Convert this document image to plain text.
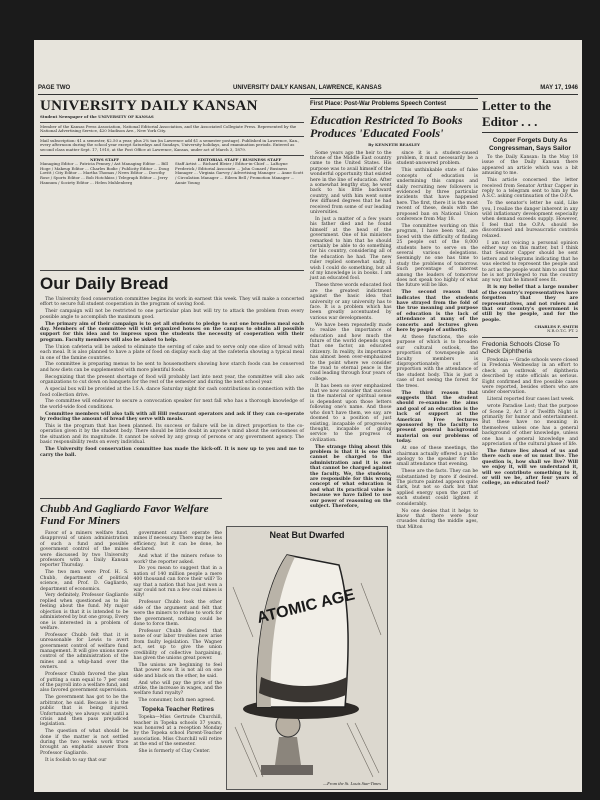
PAGE TWO	UNIVERSITY DAILY KANSAN, LAWRENCE, KANSAS	MAY 17, 1946
UNIVERSITY DAILY KANSAN
Student Newspaper of the UNIVERSITY OF KANSAS
Member of the Kansas Press Association, National Editorial Association, and the Associated Collegiate Press. Represented by the National Advertising Service, 420 Madison Ave., New York City.
Mail subscription: $1 a semester, $2.50 a year, plus 2% tax (in Lawrence add $1 a semester postage). Published in Lawrence, Kan., every afternoon during the school year except Saturdays and Sundays, University holidays, and examination periods. Entered as second class matter Sept. 17, 1910, at the Post Office at Lawrence, Kansas, under act of March 3, 1879.
NEWS STAFF
Managing Editor ... Patricia Penney / Ast Managing Editor ... Bill Hoge / Makeup Editor ... Charles Bodie / Publicity Editor ... Doug Lovitt / City Editor ... Martha Thomas / News Editor ... Dorothy Rose / Sports Editor ... Bob Hotchkiss / Telegraph Editor ... Jerry Hannum / Society Editor ... Helen Muhlenberg
EDITORIAL STAFF / BUSINESS STAFF
Staff Artist ... Richard Bleier / Editor-in-Chief ... LaRoyne Frederick / Editorial Associate ... John Conard / Business Manager ... Virginia Garvey / Advertising Manager ... Anne Scott / Circulation Manager ... Eileen Bell / Promotion Manager ... Annie Young
Our Daily Bread

The University food conservation committee begins its work in earnest this week. They will make a concerted effort to secure full student cooperation in the program of saving food.

Their campaign will not be restricted to one particular plan but will try to attack the problem from every possible angle to accomplish the maximum good.

The primary aim of their campaign is to get all students to pledge to eat one breadless meal each day. Members of the committee will visit organized houses on the campus to obtain all possible support for this idea and to impress upon the students the necessity of cooperation with their program. Faculty members will also be asked to help.

The Union cafeteria will be asked to eliminate the serving of cake and to serve only one slice of bread with each meal. It is also planned to have a plate of food on display each day at the cafeteria showing a typical meal in one of the famine countries.

The committee is preparing menus to be sent to housemothers showing how starch foods can be conserved and how diets can be supplemented with more plentiful foods.

Recognizing that the present shortage of food will probably last into next year, the committee will also ask organizations to cut down on banquets for the rest of the semester and during the next school year.

A special box will be provided at the I.S.A. dance Saturday night for cash contributions in connection with the food collection drive.

The committee will endeavor to secure a convocation speaker for next fall who has a thorough knowledge of the world-wide food conditions.

Committee members will also talk with all Hill restaurant operators and ask if they can co-operate by reducing the amount of bread they serve with meals.

This is the program that has been planned. Its success or failure will be in direct proportion to the co-operation given it by the student body. There should be little doubt in anyone's mind about the seriousness of the situation and its magnitude. It cannot be solved by any group of persons or any government agency. The basic responsibility rests on every individual.

The University food conservation committee has made the kick-off. It is now up to you and me to carry the ball.

Chubb And Gagliardo Favor Welfare Fund For Miners

Favor of a miners welfare fund, disapproval of union administration of such a fund and possible government control of the mines were discussed by two University professors with a Daily Kansan reporter Thursday.

The two men were Prof. H. S. Chubb, department of political science, and Prof. D. Gagliardo, department of economics.

Very definitely, Professor Gagliardo replied when questioned as to his feeling about the fund. My major objection is that it is intended to be administered by but one group, Every one is interested in a problem of welfare.

Professor Chubb felt that it is unreasonable for Lewis to avert government control of welfare fund management. It will give unions more control of the administration of the mines and a whip-hand over the owners.

Professor Chubb favored the plan of putting a sum equal to 7 per cent of the payroll into a welfare fund, and also favored government supervision.

The government has got to be the arbitrator, he said. Because it is the public that is being injured. Unfortunately, we always wait until a crisis and then pass prejudiced legislation.

The question of what should be done if the matter is not settled during the two weeks work truce brought an emphatic answer from Professor Gagliardo.

It is foolish to say that our

government cannot operate the mines if necessary. There may be less efficiency, but it can be done, he declared.

And what if the miners refuse to work? the reporter asked.

Do you mean to suggest that in a nation of 140 million people a mere 400 thousand can force their will? To say that a nation that has just won a war could not run a few coal mines is silly!

Professor Chubb took the other side of the argument and felt that were the miners to refuse to work for the government, nothing could be done to force them.

Professor Chubb declared that none of our labor troubles now arise from faulty legislation. The Wagner act, set up to give the union credibility of collective bargaining, has given the unions great power.

The unions are beginning to feel that power now. It is not all on one side and black on the other, he said.

And who will pay the price of the strike, the increase in wages, and the welfare fund royalty?

The consumer, both men agreed.

Topeka Teacher Retires

Topeka—Miss Gertrude Churchill, teacher in Topeka schools 37 years, was honored at a reception Monday by the Topeka school Parent-Teacher association. Miss Churchill will retire at the end of the semester.

She is formerly of Clay Center.

First Place: Post-War Problems Speech Contest
Education Restricted To Books Produces 'Educated Fools'
By KENNETH BEASLEY

Some years ago the heir to the throne of the Middle East country came to the United States. His purpose was to avail himself of the wonderful opportunity that existed here in the line of education. After a somewhat lengthy stay, he went back to his little backward country, and with him went some few diffused degrees that he had received from some of our leading universities.

In just a matter of a few years his father died and he found himself at the head of the government. One of his ministers remarked to him that he should certainly be able to do something for his country, considering all of the education he had. The new ruler replied somewhat sadly, I wish I could do something, but all of my knowledge is in books. I am just an educated fool.

These three words educated fool are the greatest indictment against the basic idea that university or any university has to face. It is a problem which has been greatly accentuated by various war developments.

We have been repeatedly made to realize the importance of education and how much the future of the world depends upon that one factor, an educated citizenry. In reality, its importance has almost been over-emphasized to the point where we consider the road to eternal peace is the road leading through four years of college.

It has been so over emphasized that we now consider that success in the material or spiritual sense is dependent upon those letters following one's name. And those who don't have them, we say, are doomed to a position of just existing, incapable of progressive thought, incapable of giving service to the progress of civilization.

The strange thing about this problem is that it is one that cannot be charged to the administration and it is one that cannot be charged against the faculty. We, the students, are responsible for this wrong concept of what education is and what its practical value is because we have failed to use our power of reasoning on the subject. Therefore,

since it is a student-caused problem, it must necessarily be a student-answered problem.

This unthinkable state of false concepts of education is undermining this campus and daily recruiting new followers is evidenced by three particular incidents that have happened here. The first, there it is the most recent of these, deals with the proposed ban on National Union conference from May 18.

The committee working on this program, I have been told, are faced with the difficulty of finding 25 people out of the 8,000 students here to serve on the several various delegations. Seemingly no one has time to study the problems of tomorrow. Such percentage of interest among the leaders of tomorrow does not speak too highly of what the future will be like.

The second reason that indicates that the students have strayed from the fold of the true meaning and purpose of education is the lack of attendance at many of the concerts and lectures given here by people of authority.

At these functions, the sole purpose of which is to broaden our cultural outlook, the proportion of townspeople and faculty members is disproportionately out of proportion with the attendance of the student body. This is just a case of not seeing the forest for the trees.

The third reason that suggests that the student should re-examine the aims and goal of an education is the lack of support at the American Free lectures sponsored by the faculty to present general background material on our problems of today.

At one of these meetings, the chairman actually offered a public apology to the speaker for the small attendance that evening.

These are the facts. They can be substantiated by more if desired. The picture painted appears quite dark, but not so dark but that applied energy upon the part of each student could lighten it considerably.

No one denies that it helps to know that there were four crusades during the middle ages, that Milton

Neat But Dwarfed
ATOMIC AGE
—From the St. Louis Star-Times
Letter to the Editor . . .
Copper Forgets Duty As Congressman, Says Sailor

To the Daily Kansan: In the May 18 issue of the Daily Kansan there appeared an article which was a bit amusing to me.

This article concerned the letter received from Senator Arthur Capper in reply to a telegram sent to him by the A.S.C. asking continuation of the O.P.A.

To the senator's letter he said, Like you, I realize the danger inherent in any wild inflationary development especially when demand exceeds supply. However, I feel that the O.P.A. should be discontinued and bureaucratic controls relaxed.

I am not voicing a personal opinion either way on this matter, but I think that Senator Capper should be sent letters and telegrams indicating that he was elected to represent the people and to act as the people want him to and that he is not privileged to run the country any way that he himself sees fit.

It is my belief that a large number of the country's representatives have forgotten that they are representatives, and not rulers and that our country's government is still by the people, and for the people.

CHARLES F. SMITH
N.R.O.T.C. PT. 2
Fredonia Schools Close To Check Diphtheria

Fredonia — Grade schools were closed in Fredonia Wednesday in an effort to check an outbreak of diphtheria described by state officials as serious. Eight confirmed and five possible cases were reported, besides others who are under observation.

Literal reported four cases last week.

wrote Paradise Lost; that the purpose of Scene 2, Act 3 of Twelfth Night is primarily for humor and entertainment. But these have no meaning in themselves unless one has a general background of other knowledge, unless one has a general knowledge and appreciation of the cultural phase of life.

The future lies ahead of us and there each one of us must live. The question is, how shall we live? Will we enjoy it, will we understand it, will we contribute something to it, or will we be, after four years of college, an educated fool?
